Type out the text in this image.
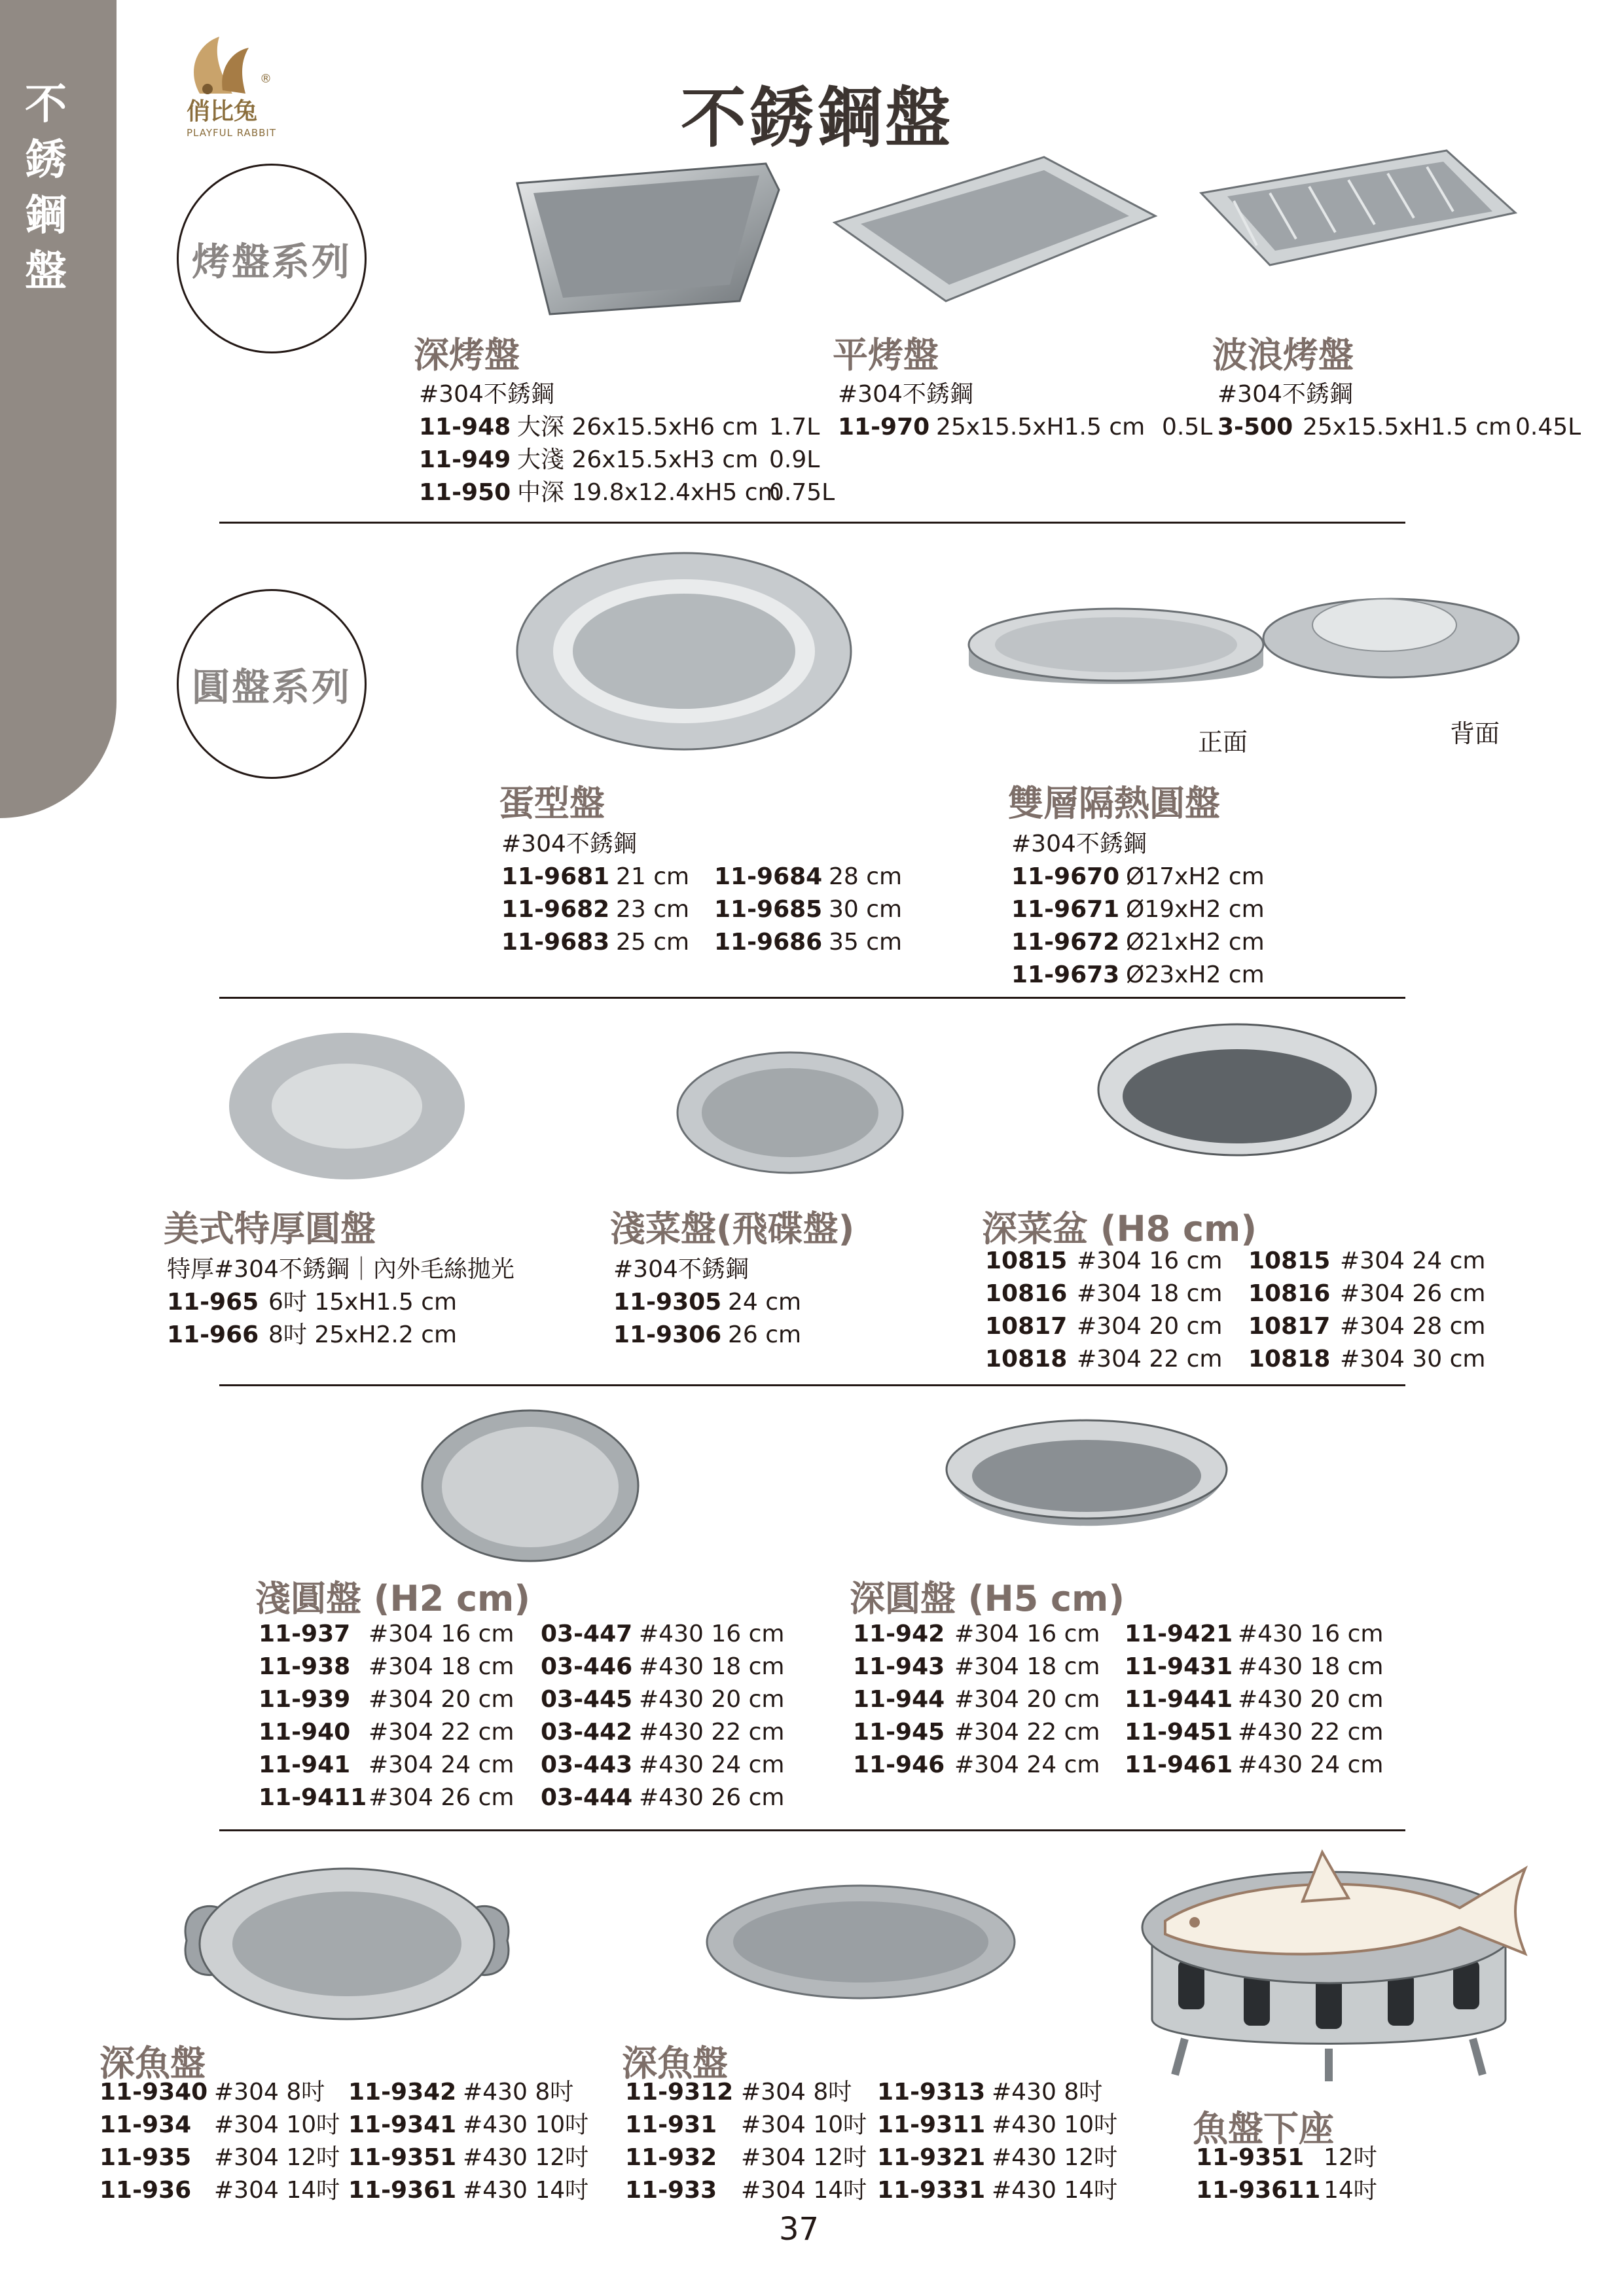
不
銹
鋼
盤
®
俏比兔
PLAYFUL RABBIT	不銹鋼盤
烤盤系列
深烤盤
#304不銹鋼
11-948 大深 26x15.5xH6 cm 1.7L
11-949 大淺 26x15.5xH3 cm 0.9L
11-950 中深 19.8x12.4xH5 cm0.75L
平烤盤
#304不銹鋼
11-970 25x15.5xH1.5 cm 0.5L
波浪烤盤
#304不銹鋼
3-500 25x15.5xH1.5 cm 0.45L
圓盤系列
正面	背面
蛋型盤
#304不銹鋼
11-9681 21 cm 11-9684 28 cm
11-9682 23 cm 11-9685 30 cm
11-9683 25 cm 11-9686 35 cm
雙層隔熱圓盤
#304不銹鋼
11-9670 Ø17xH2 cm
11-9671 Ø19xH2 cm
11-9672 Ø21xH2 cm
11-9673 Ø23xH2 cm
美式特厚圓盤
特厚#304不銹鋼｜內外毛絲拋光
11-965 6吋 15xH1.5 cm
11-966 8吋 25xH2.2 cm
淺菜盤(飛碟盤)
#304不銹鋼
11-9305 24 cm
11-9306 26 cm
深菜盆 (H8 cm)
10815 #304 16 cm 10815 #304 24 cm
10816 #304 18 cm 10816 #304 26 cm
10817 #304 20 cm 10817 #304 28 cm
10818 #304 22 cm 10818 #304 30 cm
淺圓盤 (H2 cm)
11-937 #304 16 cm 03-447 #430 16 cm
11-938 #304 18 cm 03-446 #430 18 cm
11-939 #304 20 cm 03-445 #430 20 cm
11-940 #304 22 cm 03-442 #430 22 cm
11-941 #304 24 cm 03-443 #430 24 cm
11-9411#304 26 cm 03-444 #430 26 cm
深圓盤 (H5 cm)
11-942 #304 16 cm 11-9421 #430 16 cm
11-943 #304 18 cm 11-9431 #430 18 cm
11-944 #304 20 cm 11-9441 #430 20 cm
11-945 #304 22 cm 11-9451 #430 22 cm
11-946 #304 24 cm 11-9461 #430 24 cm
深魚盤
11-9340 #304 8吋 11-9342 #430 8吋
11-934 #304 10吋 11-9341 #430 10吋
11-935 #304 12吋 11-9351 #430 12吋
11-936 #304 14吋 11-9361 #430 14吋
深魚盤
11-9312 #304 8吋 11-9313 #430 8吋
11-931 #304 10吋 11-9311 #430 10吋
11-932 #304 12吋 11-9321 #430 12吋
11-933 #304 14吋 11-9331 #430 14吋
魚盤下座
11-9351 12吋
11-93611 14吋
37
